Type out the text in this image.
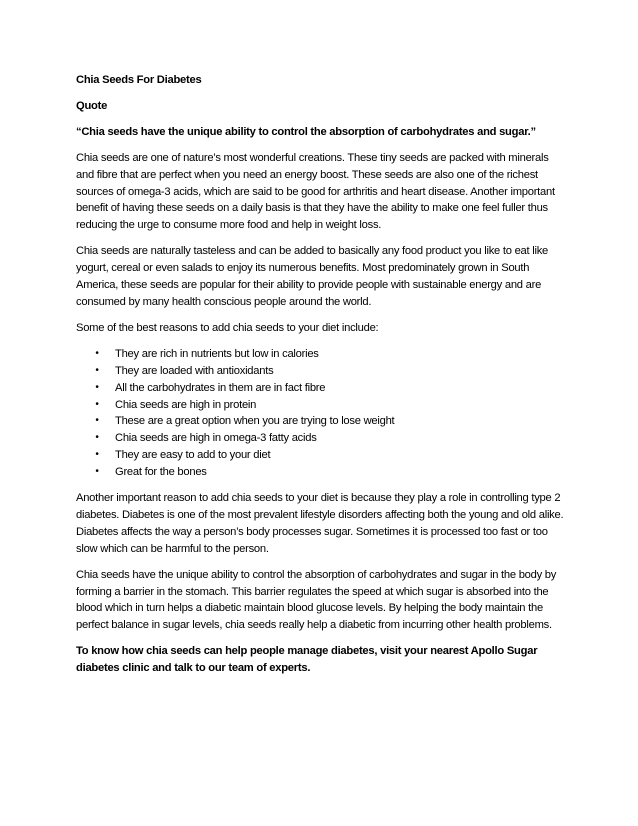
Chia Seeds For Diabetes

Quote

“Chia seeds have the unique ability to control the absorption of carbohydrates and sugar.”

Chia seeds are one of nature’s most wonderful creations. These tiny seeds are packed with minerals and fibre that are perfect when you need an energy boost. These seeds are also one of the richest sources of omega-3 acids, which are said to be good for arthritis and heart disease. Another important benefit of having these seeds on a daily basis is that they have the ability to make one feel fuller thus reducing the urge to consume more food and help in weight loss.

Chia seeds are naturally tasteless and can be added to basically any food product you like to eat like yogurt, cereal or even salads to enjoy its numerous benefits. Most predominately grown in South America, these seeds are popular for their ability to provide people with sustainable energy and are consumed by many health conscious people around the world.

Some of the best reasons to add chia seeds to your diet include:

• They are rich in nutrients but low in calories
• They are loaded with antioxidants
• All the carbohydrates in them are in fact fibre
• Chia seeds are high in protein
• These are a great option when you are trying to lose weight
• Chia seeds are high in omega-3 fatty acids
• They are easy to add to your diet
• Great for the bones

Another important reason to add chia seeds to your diet is because they play a role in controlling type 2 diabetes. Diabetes is one of the most prevalent lifestyle disorders affecting both the young and old alike. Diabetes affects the way a person’s body processes sugar. Sometimes it is processed too fast or too slow which can be harmful to the person.

Chia seeds have the unique ability to control the absorption of carbohydrates and sugar in the body by forming a barrier in the stomach. This barrier regulates the speed at which sugar is absorbed into the blood which in turn helps a diabetic maintain blood glucose levels. By helping the body maintain the perfect balance in sugar levels, chia seeds really help a diabetic from incurring other health problems.

To know how chia seeds can help people manage diabetes, visit your nearest Apollo Sugar diabetes clinic and talk to our team of experts.
